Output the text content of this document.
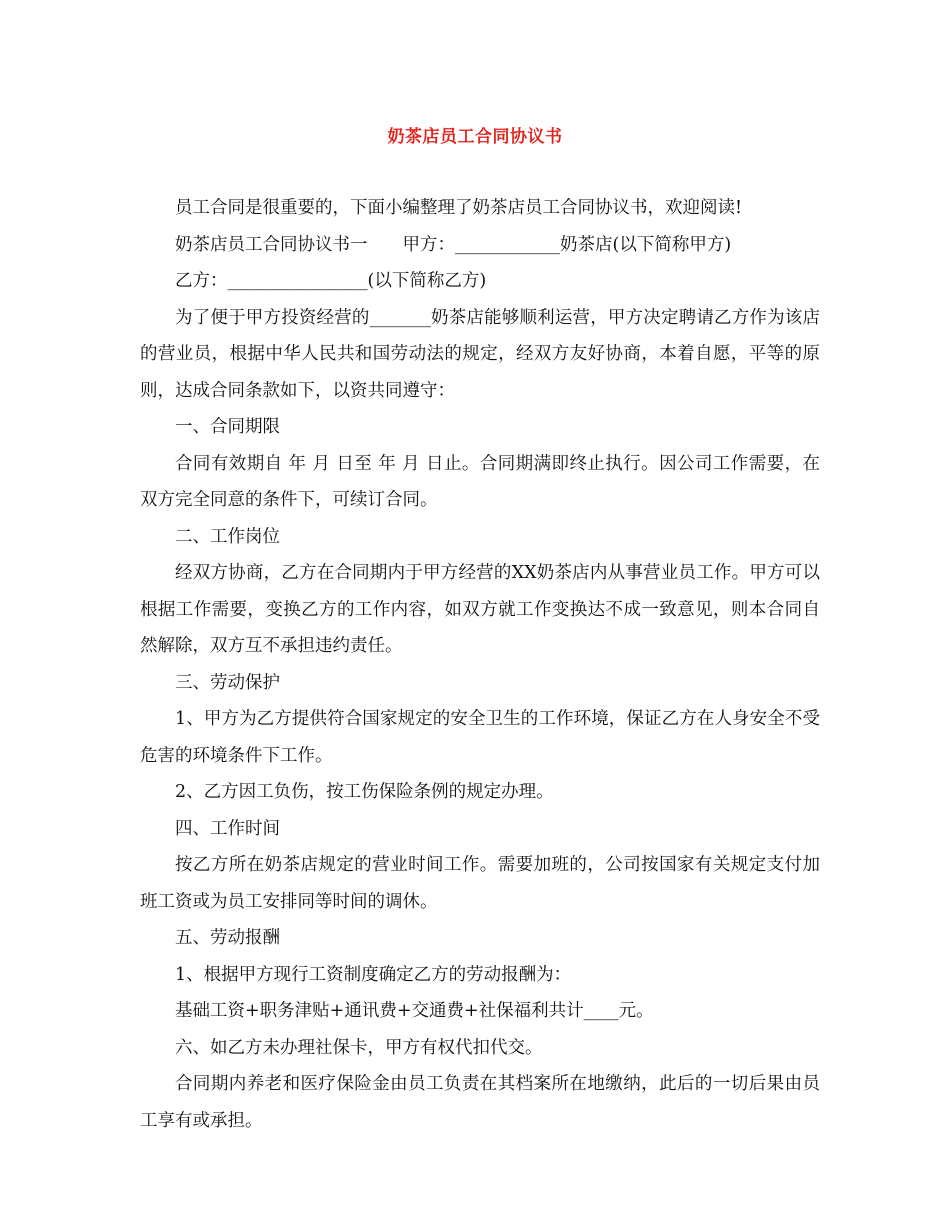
奶茶店员工合同协议书

员工合同是很重要的，下面小编整理了奶茶店员工合同协议书，欢迎阅读!

奶茶店员工合同协议书一　　甲方：____________奶茶店(以下简称甲方)

乙方：________________(以下简称乙方)

为了便于甲方投资经营的_______奶茶店能够顺利运营，甲方决定聘请乙方作为该店的营业员，根据中华人民共和国劳动法的规定，经双方友好协商，本着自愿，平等的原则，达成合同条款如下，以资共同遵守：

一、合同期限

合同有效期自 年 月 日至 年 月 日止。合同期满即终止执行。因公司工作需要，在双方完全同意的条件下，可续订合同。

二、工作岗位

经双方协商，乙方在合同期内于甲方经营的XX奶茶店内从事营业员工作。甲方可以根据工作需要，变换乙方的工作内容，如双方就工作变换达不成一致意见，则本合同自然解除，双方互不承担违约责任。

三、劳动保护

1、甲方为乙方提供符合国家规定的安全卫生的工作环境，保证乙方在人身安全不受危害的环境条件下工作。

2、乙方因工负伤，按工伤保险条例的规定办理。

四、工作时间

按乙方所在奶茶店规定的营业时间工作。需要加班的，公司按国家有关规定支付加班工资或为员工安排同等时间的调休。

五、劳动报酬

1、根据甲方现行工资制度确定乙方的劳动报酬为：

基础工资+职务津贴+通讯费+交通费+社保福利共计____元。

六、如乙方未办理社保卡，甲方有权代扣代交。

合同期内养老和医疗保险金由员工负责在其档案所在地缴纳，此后的一切后果由员工享有或承担。
